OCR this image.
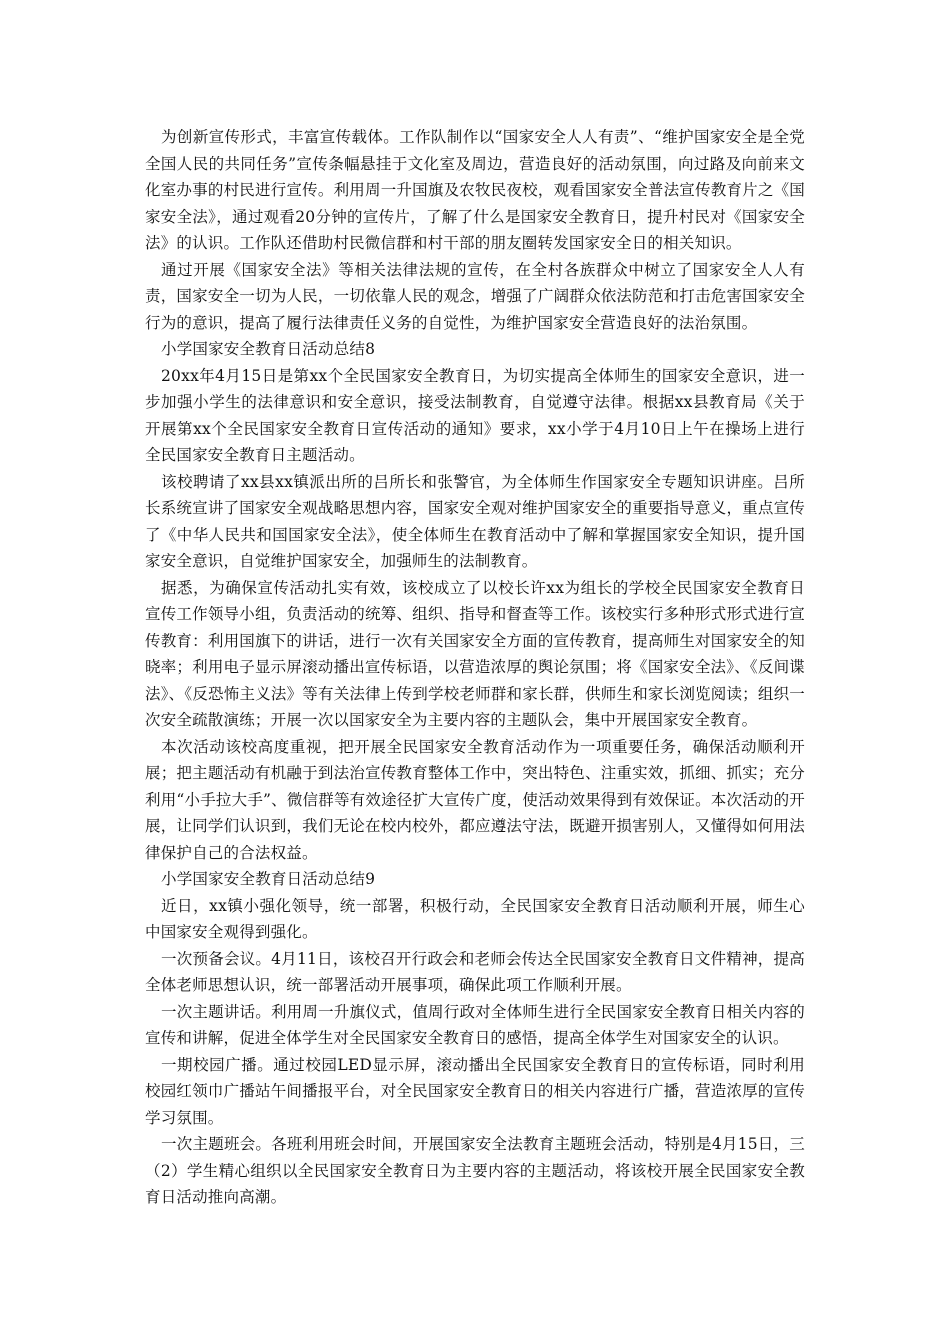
为创新宣传形式，丰富宣传载体。工作队制作以“国家安全人人有责”、“维护国家安全是全党全国人民的共同任务”宣传条幅悬挂于文化室及周边，营造良好的活动氛围，向过路及向前来文化室办事的村民进行宣传。利用周一升国旗及农牧民夜校，观看国家安全普法宣传教育片之《国家安全法》，通过观看20分钟的宣传片，了解了什么是国家安全教育日，提升村民对《国家安全法》的认识。工作队还借助村民微信群和村干部的朋友圈转发国家安全日的相关知识。

通过开展《国家安全法》等相关法律法规的宣传，在全村各族群众中树立了国家安全人人有责，国家安全一切为人民，一切依靠人民的观念，增强了广阔群众依法防范和打击危害国家安全行为的意识，提高了履行法律责任义务的自觉性，为维护国家安全营造良好的法治氛围。

小学国家安全教育日活动总结8

20xx年4月15日是第xx个全民国家安全教育日，为切实提高全体师生的国家安全意识，进一步加强小学生的法律意识和安全意识，接受法制教育，自觉遵守法律。根据xx县教育局《关于开展第xx个全民国家安全教育日宣传活动的通知》要求，xx小学于4月10日上午在操场上进行全民国家安全教育日主题活动。

该校聘请了xx县xx镇派出所的吕所长和张警官，为全体师生作国家安全专题知识讲座。吕所长系统宣讲了国家安全观战略思想内容，国家安全观对维护国家安全的重要指导意义，重点宣传了《中华人民共和国国家安全法》，使全体师生在教育活动中了解和掌握国家安全知识，提升国家安全意识，自觉维护国家安全，加强师生的法制教育。

据悉，为确保宣传活动扎实有效，该校成立了以校长许xx为组长的学校全民国家安全教育日宣传工作领导小组，负责活动的统筹、组织、指导和督查等工作。该校实行多种形式形式进行宣传教育：利用国旗下的讲话，进行一次有关国家安全方面的宣传教育，提高师生对国家安全的知晓率；利用电子显示屏滚动播出宣传标语，以营造浓厚的舆论氛围；将《国家安全法》、《反间谍法》、《反恐怖主义法》等有关法律上传到学校老师群和家长群，供师生和家长浏览阅读；组织一次安全疏散演练；开展一次以国家安全为主要内容的主题队会，集中开展国家安全教育。

本次活动该校高度重视，把开展全民国家安全教育活动作为一项重要任务，确保活动顺利开展；把主题活动有机融于到法治宣传教育整体工作中，突出特色、注重实效，抓细、抓实；充分利用“小手拉大手”、微信群等有效途径扩大宣传广度，使活动效果得到有效保证。本次活动的开展，让同学们认识到，我们无论在校内校外，都应遵法守法，既避开损害别人，又懂得如何用法律保护自己的合法权益。

小学国家安全教育日活动总结9

近日，xx镇小强化领导，统一部署，积极行动，全民国家安全教育日活动顺利开展，师生心中国家安全观得到强化。

一次预备会议。4月11日，该校召开行政会和老师会传达全民国家安全教育日文件精神，提高全体老师思想认识，统一部署活动开展事项，确保此项工作顺利开展。

一次主题讲话。利用周一升旗仪式，值周行政对全体师生进行全民国家安全教育日相关内容的宣传和讲解，促进全体学生对全民国家安全教育日的感悟，提高全体学生对国家安全的认识。

一期校园广播。通过校园LED显示屏，滚动播出全民国家安全教育日的宣传标语，同时利用校园红领巾广播站午间播报平台，对全民国家安全教育日的相关内容进行广播，营造浓厚的宣传学习氛围。

一次主题班会。各班利用班会时间，开展国家安全法教育主题班会活动，特别是4月15日，三（2）学生精心组织以全民国家安全教育日为主要内容的主题活动，将该校开展全民国家安全教育日活动推向高潮。
